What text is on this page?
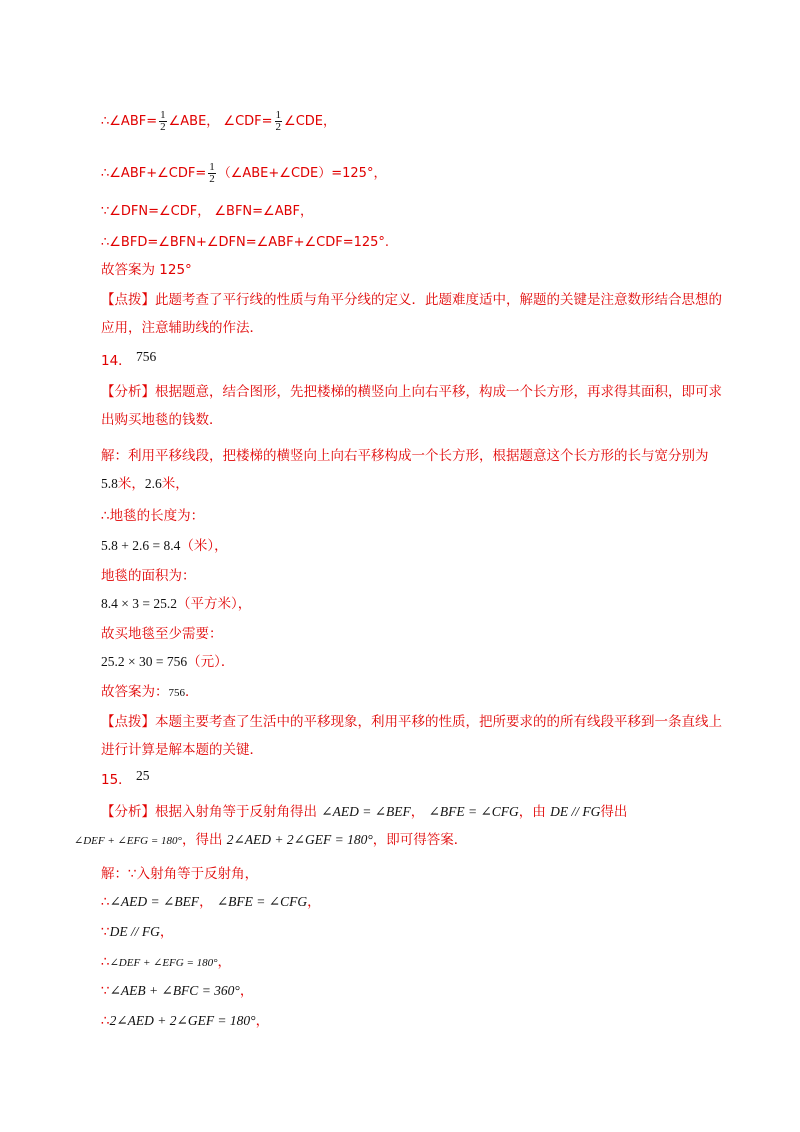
∴∠ABF= $\frac{1}{2}$ ∠ABE， ∠CDF= $\frac{1}{2}$ ∠CDE，
∴∠ABF+∠CDF= $\frac{1}{2}$ （∠ABE+∠CDE）=125°，
∵∠DFN=∠CDF， ∠BFN=∠ABF，
∴∠BFD=∠BFN+∠DFN=∠ABF+∠CDF=125°.
故答案为 125°
【点拨】此题考查了平行线的性质与角平分线的定义．此题难度适中，解题的关键是注意数形结合思想的应用，注意辅助线的作法．
14． 756
【分析】根据题意，结合图形，先把楼梯的横竖向上向右平移，构成一个长方形，再求得其面积，即可求出购买地毯的钱数．
解：利用平移线段，把楼梯的横竖向上向右平移构成一个长方形，根据题意这个长方形的长与宽分别为5.8米，2.6米，
∴地毯的长度为：
5.8 + 2.6 = 8.4（米），
地毯的面积为：
8.4 × 3 = 25.2（平方米），
故买地毯至少需要：
25.2 × 30 = 756（元）．
故答案为：756．
【点拨】本题主要考查了生活中的平移现象，利用平移的性质，把所要求的的所有线段平移到一条直线上进行计算是解本题的关键．
15． 25
【分析】根据入射角等于反射角得出 ∠AED = ∠BEF， ∠BFE = ∠CFG，由 DE // FG得出
∠DEF + ∠EFG = 180°，得出 2∠AED + 2∠GEF = 180°，即可得答案．
解：∵入射角等于反射角，
∴∠AED = ∠BEF， ∠BFE = ∠CFG，
∵DE // FG，
∴∠DEF + ∠EFG = 180°，
∵∠AEB + ∠BFC = 360°，
∴2∠AED + 2∠GEF = 180°，
